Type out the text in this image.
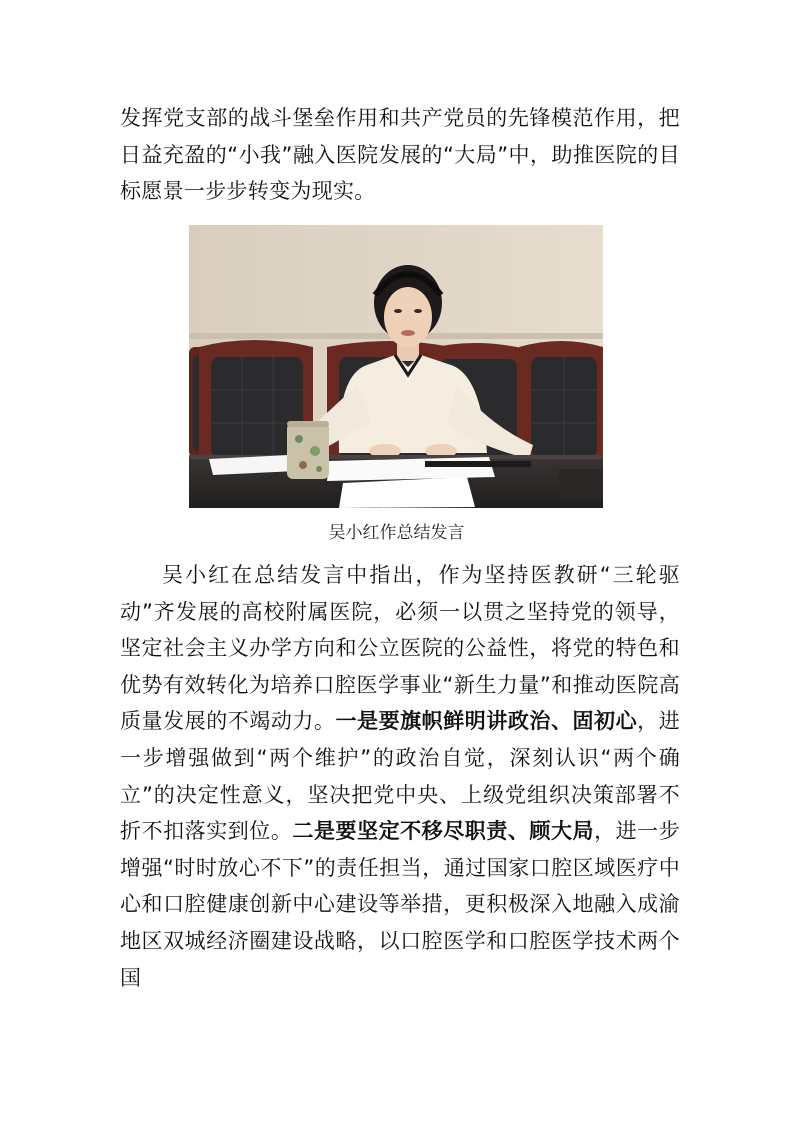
发挥党支部的战斗堡垒作用和共产党员的先锋模范作用，把日益充盈的“小我”融入医院发展的“大局”中，助推医院的目标愿景一步步转变为现实。

吴小红作总结发言

吴小红在总结发言中指出，作为坚持医教研“三轮驱动”齐发展的高校附属医院，必须一以贯之坚持党的领导，坚定社会主义办学方向和公立医院的公益性，将党的特色和优势有效转化为培养口腔医学事业“新生力量”和推动医院高质量发展的不竭动力。一是要旗帜鲜明讲政治、固初心，进一步增强做到“两个维护”的政治自觉，深刻认识“两个确立”的决定性意义，坚决把党中央、上级党组织决策部署不折不扣落实到位。二是要坚定不移尽职责、顾大局，进一步增强“时时放心不下”的责任担当，通过国家口腔区域医疗中心和口腔健康创新中心建设等举措，更积极深入地融入成渝地区双城经济圈建设战略，以口腔医学和口腔医学技术两个国
